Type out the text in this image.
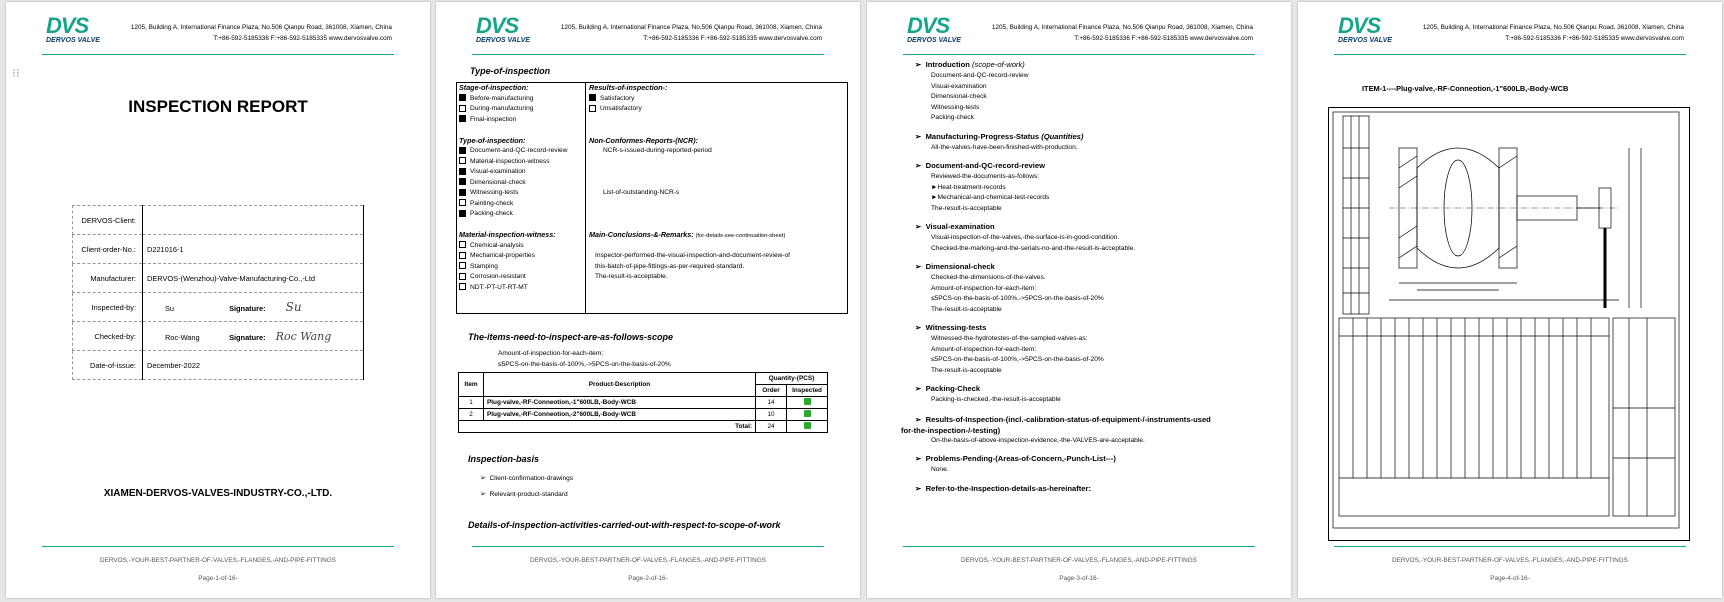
DVS
DERVOS VALVE
1205, Building A, International Finance Plaza, No.506 Qianpu Road, 361008, Xiamen, China
T:+86-592-5185336 F:+86-592-5185335 www.dervosvalve.com
⁝⁝
INSPECTION REPORT
DERVOS-Client:	
Client-order-No.:	D221016-1
Manufacturer:	DERVOS-(Wenzhou)-Valve-Manufacturing-Co.,-Ltd
Inspected-by:	Su Signature: Su
Checked-by:	Roc-Wang Signature: Roc Wang
Date-of-issue:	December-2022
XIAMEN-DERVOS-VALVES-INDUSTRY-CO.,-LTD.
DERVOS,-YOUR-BEST-PARTNER-OF-VALVES,-FLANGES,-AND-PIPE-FITTINGS
Page-1-of-16-
DVS
DERVOS VALVE
1205, Building A, International Finance Plaza, No.506 Qianpu Road, 361008, Xiamen, China
T:+86-592-5185336 F:+86-592-5185335 www.dervosvalve.com
Type-of-inspection
Stage-of-inspection:
Before-manufacturing
During-manufacturing
Final-inspection
Type-of-inspection:
Document-and-QC-record-review
Material-inspection-witness
Visual-examination
Dimensional-check
Witnessing-tests
Painting-check
Packing-check
Material-inspection-witness:
Chemical-analysis
Mechanical-properties
Stamping
Corrosion-resistant
NDT:-PT-UT-RT-MT
Results-of-inspection-:
Satisfactory
Unsatisfactory
Non-Conformes-Reports-(NCR):
NCR-s-issued-during-reported-period
List-of-outstanding-NCR-s
Main-Conclusions-&-Remarks: (for-details-see-continuation-sheet)
Inspector-performed-the-visual-inspection-and-document-review-of
this-batch-of-pipe-fittings-as-per-required-standard.
The-result-is-acceptable.
The-items-need-to-inspect-are-as-follows-scope
Amount-of-inspection-for-each-item:
≤5PCS-on-the-basis-of-100%,->5PCS-on-the-basis-of-20%
Item	Product-Description	Quantity-(PCS)	
		Order	Inspected
1	Plug-valve,-RF-Conneotion,-1"600LB,-Body-WCB	14	
2	Plug-valve,-RF-Conneotion,-2"600LB,-Body-WCB	10	
Total:		24	
Inspection-basis
➢ Client-confirmation-drawings
➢ Relevant-product-standard
Details-of-inspection-activities-carried-out-with-respect-to-scope-of-work
DERVOS,-YOUR-BEST-PARTNER-OF-VALVES,-FLANGES,-AND-PIPE-FITTINGS
Page-2-of-16-
DVS
DERVOS VALVE
1205, Building A, International Finance Plaza, No.506 Qianpu Road, 361008, Xiamen, China
T:+86-592-5185336 F:+86-592-5185335 www.dervosvalve.com
➢ Introduction (scope-of-work)
Document-and-QC-record-review
Visual-examination
Dimensional-check
Witnessing-tests
Packing-check
➢ Manufacturing-Progress-Status (Quantities)
All-the-valves-have-been-finished-with-production.
➢ Document-and-QC-record-review
Reviewed-the-documents-as-follows:
►Heat-treatment-records
►Mechanical-and-chemical-test-records
The-result-is-acceptable
➢ Visual-examination
Visual-inspection-of-the-valves,-the-surface-is-in-good-condition.
Checked-the-marking-and-the-serials-no-and-the-result-is-acceptable.
➢ Dimensional-check
Checked-the-dimensions-of-the-valves.
Amount-of-inspection-for-each-item:
≤5PCS-on-the-basis-of-100%,->5PCS-on-the-basis-of-20%
The-result-is-acceptable
➢ Witnessing-tests
Witnessed-the-hydrotestes-of-the-sampled-valves-as:
Amount-of-inspection-for-each-item:
≤5PCS-on-the-basis-of-100%,->5PCS-on-the-basis-of-20%
The-result-is-acceptable
➢ Packing-Check
Packing-is-checked,-the-result-is-acceptable
➢ Results-of-Inspection-(incl.-calibration-status-of-equipment-/-instruments-used
for-the-inspection-/-testing)
On-the-basis-of-above-inspection-evidence,-the-VALVES-are-acceptable.
➢ Problems-Pending-(Areas-of-Concern,-Punch-List---)
None.
➢ Refer-to-the-Inspection-details-as-hereinafter:
DERVOS,-YOUR-BEST-PARTNER-OF-VALVES,-FLANGES,-AND-PIPE-FITTINGS
Page-3-of-16-
DVS
DERVOS VALVE
1205, Building A, International Finance Plaza, No.506 Qianpu Road, 361008, Xiamen, China
T:+86-592-5185336 F:+86-592-5185335 www.dervosvalve.com
ITEM-1----Plug-valve,-RF-Conneotion,-1"600LB,-Body-WCB
DERVOS,-YOUR-BEST-PARTNER-OF-VALVES,-FLANGES,-AND-PIPE-FITTINGS
Page-4-of-16-
